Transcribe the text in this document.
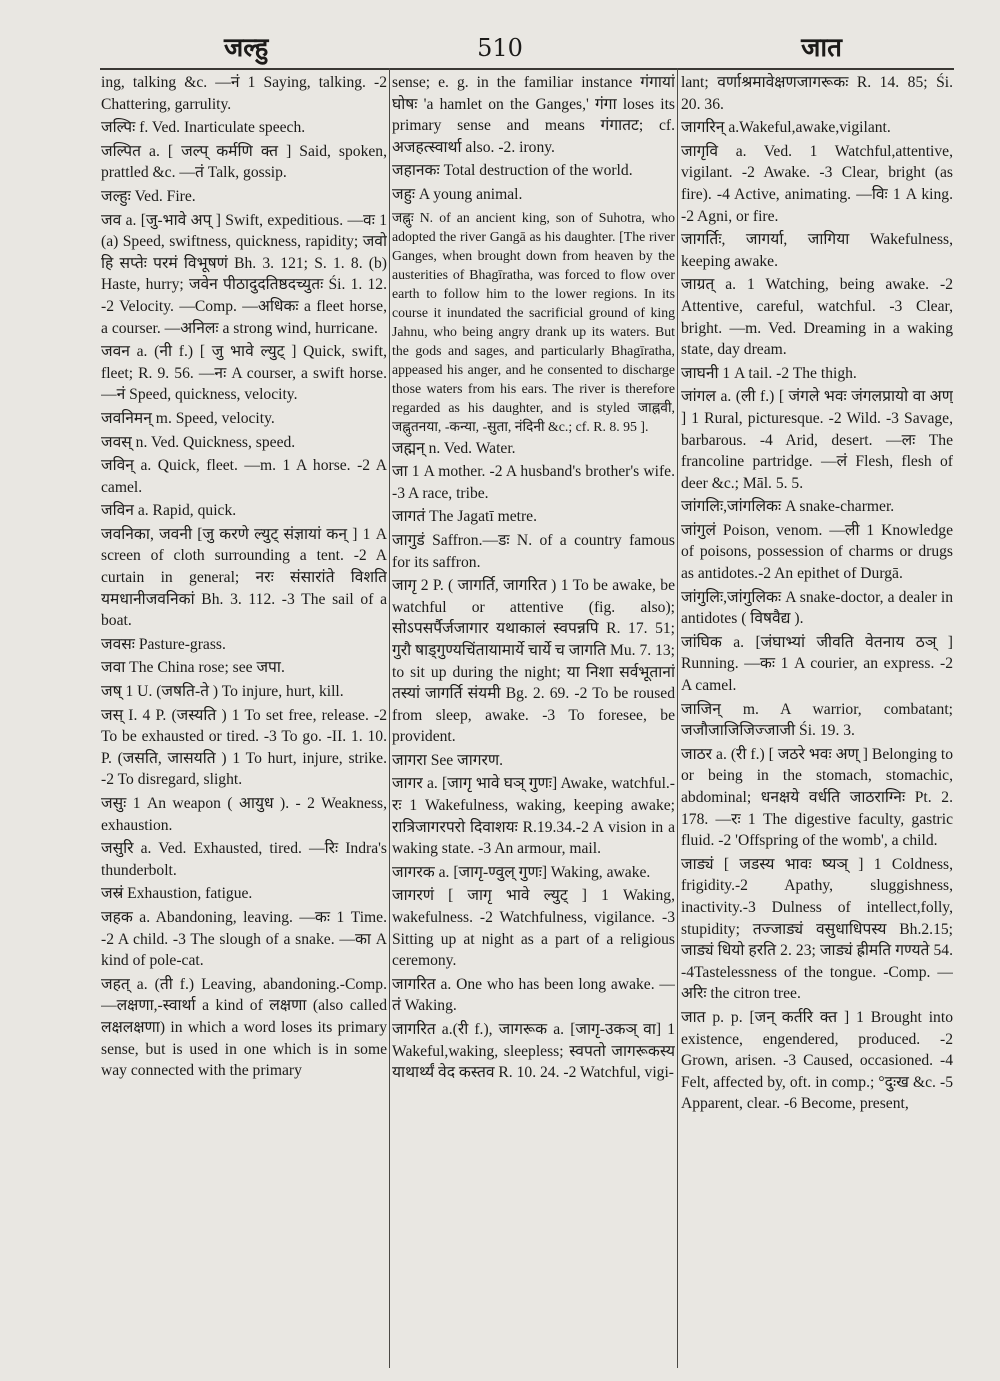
जल्हु	510	जात

ing, talking &c. —नं 1 Saying, talking. -2 Chattering, garrulity.

जल्पिः f. Ved. Inarticulate speech.

जल्पित a. [ जल्प् कर्मणि क्त ] Said, spoken, prattled &c. —तं Talk, gossip.

जल्हुः Ved. Fire.

जव a. [जु-भावे अप् ] Swift, expeditious. —वः 1 (a) Speed, swiftness, quickness, rapidity; जवो हि सप्तेः परमं विभूषणं Bh. 3. 121; S. 1. 8. (b) Haste, hurry; जवेन पीठादुदतिष्ठदच्युतः Śi. 1. 12. -2 Velocity. —Comp. —अधिकः a fleet horse, a courser. —अनिलः a strong wind, hurricane.

जवन a. (नी f.) [ जु भावे ल्युट् ] Quick, swift, fleet; R. 9. 56. —नः A courser, a swift horse. —नं Speed, quickness, velocity.

जवनिमन् m. Speed, velocity.

जवस् n. Ved. Quickness, speed.

जविन् a. Quick, fleet. —m. 1 A horse. -2 A camel.

जविन a. Rapid, quick.

जवनिका, जवनी [जु करणे ल्युट् संज्ञायां कन् ] 1 A screen of cloth surrounding a tent. -2 A curtain in general; नरः संसारांते विशति यमधानीजवनिकां Bh. 3. 112. -3 The sail of a boat.

जवसः Pasture-grass.

जवा The China rose; see जपा.

जष् 1 U. (जषति-ते ) To injure, hurt, kill.

जस् I. 4 P. (जस्यति ) 1 To set free, release. -2 To be exhausted or tired. -3 To go. -II. 1. 10. P. (जसति, जासयति ) 1 To hurt, injure, strike. -2 To disregard, slight.

जसुः 1 An weapon ( आयुध ). - 2 Weakness, exhaustion.

जसुरि a. Ved. Exhausted, tired. —रिः Indra's thunderbolt.

जस्रं Exhaustion, fatigue.

जहक a. Abandoning, leaving. —कः 1 Time. -2 A child. -3 The slough of a snake. —का A kind of pole-cat.

जहत् a. (ती f.) Leaving, abandoning.-Comp. —लक्षणा,-स्वार्था a kind of लक्षणा (also called लक्षलक्षणा) in which a word loses its primary sense, but is used in one which is in some way connected with the primary

sense; e. g. in the familiar instance गंगायां घोषः 'a hamlet on the Ganges,' गंगा loses its primary sense and means गंगातट; cf. अजहत्स्वार्था also. -2. irony.

जहानकः Total destruction of the world.

जहुः A young animal.

जह्नुः N. of an ancient king, son of Suhotra, who adopted the river Gangā as his daughter. [The river Ganges, when brought down from heaven by the austerities of Bhagīratha, was forced to flow over earth to follow him to the lower regions. In its course it inundated the sacrificial ground of king Jahnu, who being angry drank up its waters. But the gods and sages, and particularly Bhagīratha, appeased his anger, and he consented to discharge those waters from his ears. The river is therefore regarded as his daughter, and is styled जाह्नवी, जह्नुतनया, -कन्या, -सुता, नंदिनी &c.; cf. R. 8. 95 ].

जह्मन् n. Ved. Water.

जा 1 A mother. -2 A husband's brother's wife. -3 A race, tribe.

जागतं The Jagatī metre.

जागुडं Saffron.—डः N. of a country famous for its saffron.

जागृ 2 P. ( जागर्ति, जागरित ) 1 To be awake, be watchful or attentive (fig. also); सोऽपसर्पैर्जजागार यथाकालं स्वपन्नपि R. 17. 51; गुरौ षाड्गुण्यचिंतायामार्ये चार्ये च जागति Mu. 7. 13; to sit up during the night; या निशा सर्वभूतानां तस्यां जागर्ति संयमी Bg. 2. 69. -2 To be roused from sleep, awake. -3 To foresee, be provident.

जागरा See जागरण.

जागर a. [जागृ भावे घञ् गुणः] Awake, watchful.-रः 1 Wakefulness, waking, keeping awake; रात्रिजागरपरो दिवाशयः R.19.34.-2 A vision in a waking state. -3 An armour, mail.

जागरक a. [जागृ-ण्वुल् गुणः] Waking, awake.

जागरणं [ जागृ भावे ल्युट् ] 1 Waking, wakefulness. -2 Watchfulness, vigilance. -3 Sitting up at night as a part of a religious ceremony.

जागरित a. One who has been long awake. —तं Waking.

जागरित a.(री f.), जागरूक a. [जागृ-उकञ् वा] 1 Wakeful,waking, sleepless; स्वपतो जागरूकस्य याथार्थ्यं वेद कस्तव R. 10. 24. -2 Watchful, vigi-

lant; वर्णाश्रमावेक्षणजागरूकः R. 14. 85; Śi. 20. 36.

जागरिन् a.Wakeful,awake,vigilant.

जागृवि a. Ved. 1 Watchful,attentive, vigilant. -2 Awake. -3 Clear, bright (as fire). -4 Active, animating. —विः 1 A king. -2 Agni, or fire.

जागर्तिः, जागर्या, जागिया Wakefulness, keeping awake.

जाग्रत् a. 1 Watching, being awake. -2 Attentive, careful, watchful. -3 Clear, bright. —m. Ved. Dreaming in a waking state, day dream.

जाघनी 1 A tail. -2 The thigh.

जांगल a. (ली f.) [ जंगले भवः जंगलप्रायो वा अण् ] 1 Rural, picturesque. -2 Wild. -3 Savage, barbarous. -4 Arid, desert. —लः The francoline partridge. —लं Flesh, flesh of deer &c.; Māl. 5. 5.

जांगलिः,जांगलिकः A snake-charmer.

जांगुलं Poison, venom. —ली 1 Knowledge of poisons, possession of charms or drugs as antidotes.-2 An epithet of Durgā.

जांगुलिः,जांगुलिकः A snake-doctor, a dealer in antidotes ( विषवैद्य ).

जांघिक a. [जंघाभ्यां जीवति वेतनाय ठञ् ] Running. —कः 1 A courier, an express. -2 A camel.

जाजिन् m. A warrior, combatant; जजौजाजिजिज्जाजी Śi. 19. 3.

जाठर a. (री f.) [ जठरे भवः अण् ] Belonging to or being in the stomach, stomachic, abdominal; धनक्षये वर्धति जाठराग्निः Pt. 2. 178. —रः 1 The digestive faculty, gastric fluid. -2 'Offspring of the womb', a child.

जाड्यं [ जडस्य भावः ष्यञ् ] 1 Coldness, frigidity.-2 Apathy, sluggishness, inactivity.-3 Dulness of intellect,folly, stupidity; तज्जाड्यं वसुधाधिपस्य Bh.2.15; जाड्यं धियो हरति 2. 23; जाड्यं ह्रीमति गण्यते 54. -4Tastelessness of the tongue. -Comp. —अरिः the citron tree.

जात p. p. [जन् कर्तरि क्त ] 1 Brought into existence, engendered, produced. -2 Grown, arisen. -3 Caused, occasioned. -4 Felt, affected by, oft. in comp.; °दुःख &c. -5 Apparent, clear. -6 Become, present,
